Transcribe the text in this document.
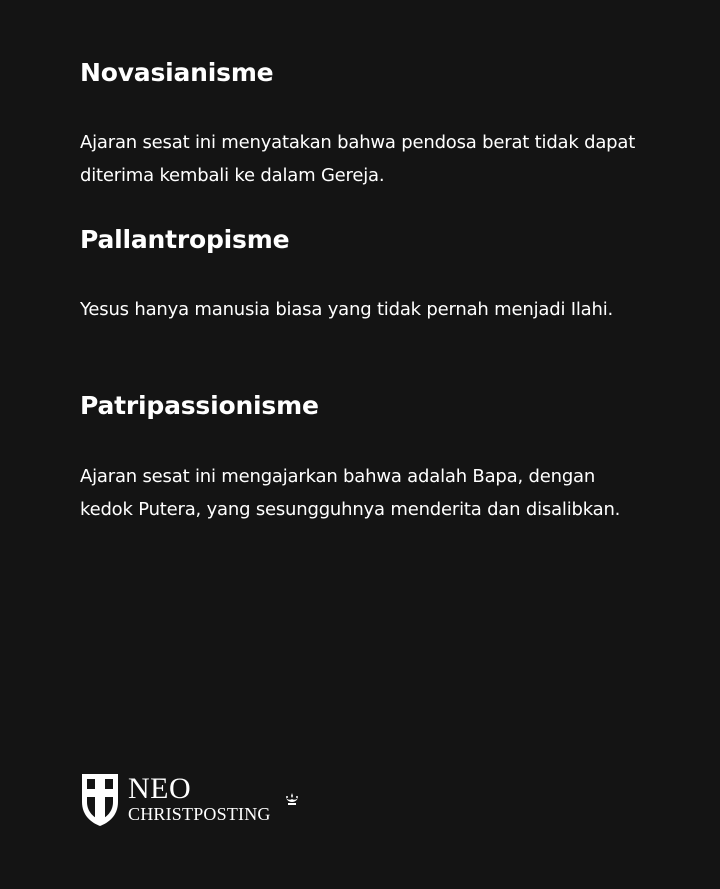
Novasianisme

Ajaran sesat ini menyatakan bahwa pendosa berat tidak dapat diterima kembali ke dalam Gereja.

Pallantropisme

Yesus hanya manusia biasa yang tidak pernah menjadi Ilahi.

Patripassionisme

Ajaran sesat ini mengajarkan bahwa adalah Bapa, dengan kedok Putera, yang sesungguhnya menderita dan disalibkan.

NEO
CHRISTPOSTING
